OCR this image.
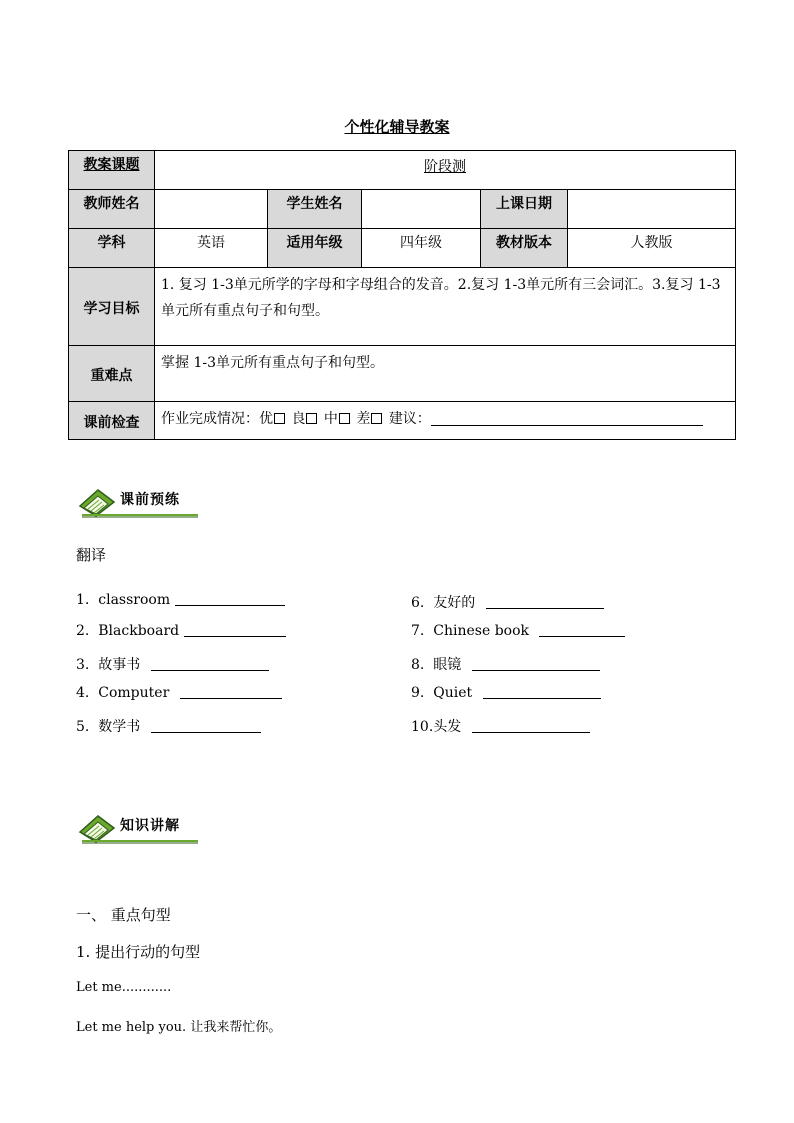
个性化辅导教案
教案课题	阶段测				
教师姓名		学生姓名		上课日期	
学科	英语	适用年级	四年级	教材版本	人教版
学习目标	1. 复习 1-3单元所学的字母和字母组合的发音。2.复习 1-3单元所有三会词汇。3.复习 1-3单元所有重点句子和句型。				
重难点	掌握 1-3单元所有重点句子和句型。				
课前检查	作业完成情况：优 良 中 差 建议：				
课前预练
翻译
1. classroom
2. Blackboard
3. 故事书
4. Computer
5. 数学书
6. 友好的
7. Chinese book
8. 眼镜
9. Quiet
10.头发
知识讲解
一、 重点句型
1. 提出行动的句型
Let me............
Let me help you. 让我来帮忙你。
